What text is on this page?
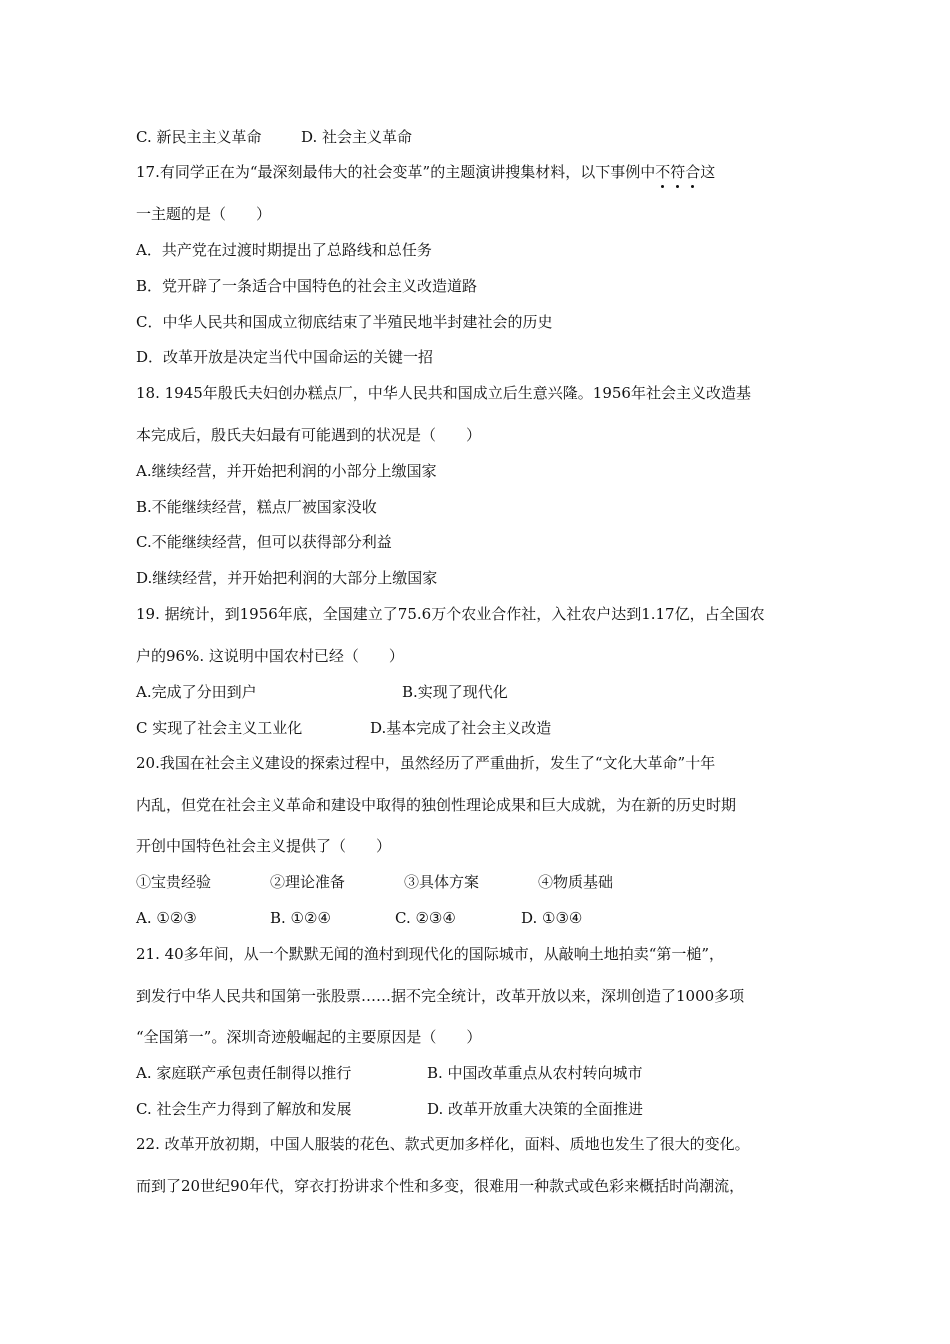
C. 新民主主义革命	D. 社会主义革命
17.有同学正在为“最深刻最伟大的社会变革”的主题演讲搜集材料，以下事例中不符合这
一主题的是（　　）
A．共产党在过渡时期提出了总路线和总任务
B．党开辟了一条适合中国特色的社会主义改造道路
C．中华人民共和国成立彻底结束了半殖民地半封建社会的历史
D．改革开放是决定当代中国命运的关键一招
18. 1945年殷氏夫妇创办糕点厂，中华人民共和国成立后生意兴隆。1956年社会主义改造基
本完成后，殷氏夫妇最有可能遇到的状况是（　　）
A.继续经营，并开始把利润的小部分上缴国家
B.不能继续经营，糕点厂被国家没收
C.不能继续经营，但可以获得部分利益
D.继续经营，并开始把利润的大部分上缴国家
19. 据统计，到1956年底，全国建立了75.6万个农业合作社，入社农户达到1.17亿，占全国农
户的96%. 这说明中国农村已经（　　）
A.完成了分田到户	B.实现了现代化
C 实现了社会主义工业化	D.基本完成了社会主义改造
20.我国在社会主义建设的探索过程中，虽然经历了严重曲折，发生了“文化大革命”十年
内乱，但党在社会主义革命和建设中取得的独创性理论成果和巨大成就，为在新的历史时期
开创中国特色社会主义提供了（　　）
①宝贵经验	②理论准备	③具体方案	④物质基础
A. ①②③	B. ①②④	C. ②③④	D. ①③④
21. 40多年间，从一个默默无闻的渔村到现代化的国际城市，从敲响土地拍卖“第一槌”，
到发行中华人民共和国第一张股票……据不完全统计，改革开放以来，深圳创造了1000多项
“全国第一”。深圳奇迹般崛起的主要原因是（　　）
A. 家庭联产承包责任制得以推行	B. 中国改革重点从农村转向城市
C. 社会生产力得到了解放和发展	D. 改革开放重大决策的全面推进
22. 改革开放初期，中国人服装的花色、款式更加多样化，面料、质地也发生了很大的变化。
而到了20世纪90年代，穿衣打扮讲求个性和多变，很难用一种款式或色彩来概括时尚潮流，
